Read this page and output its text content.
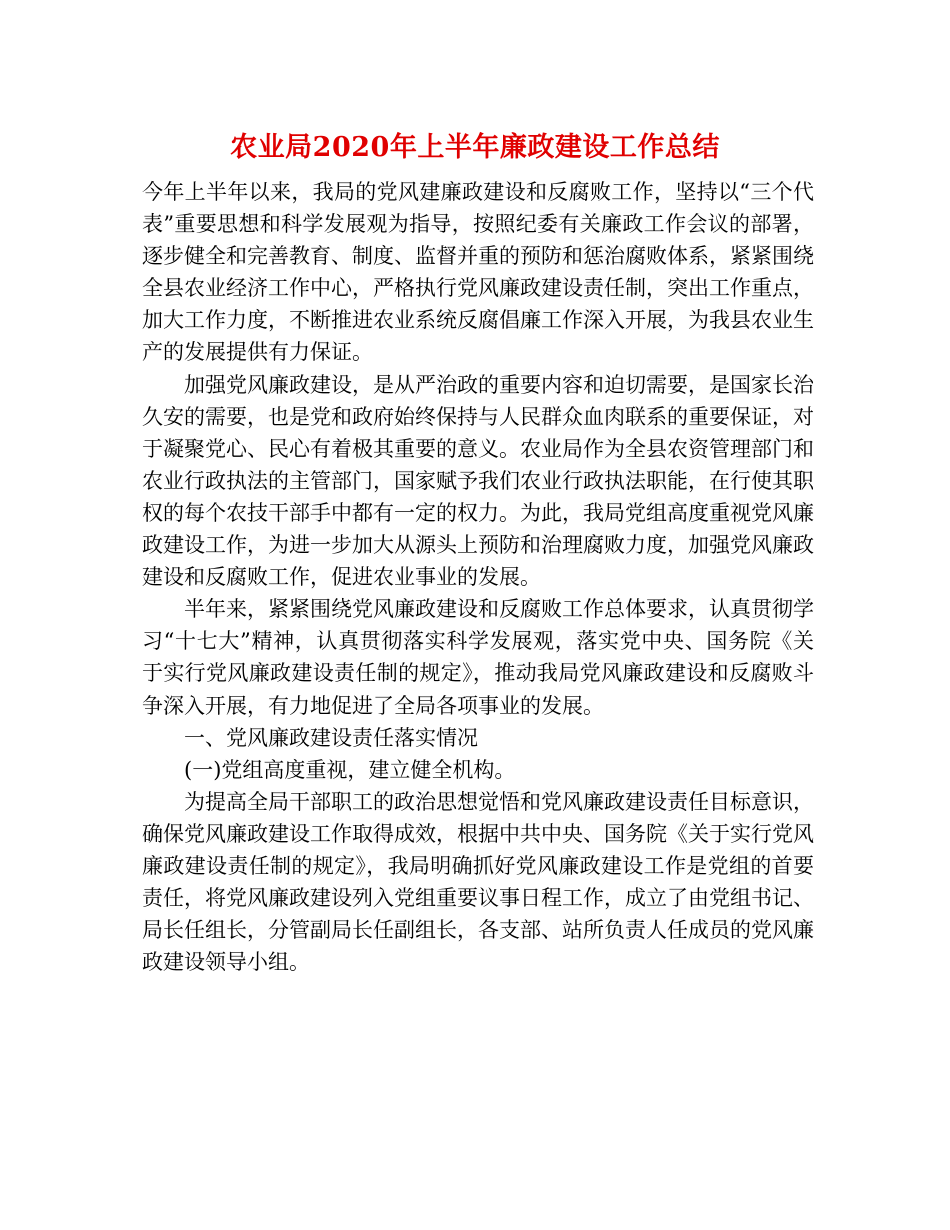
农业局2020年上半年廉政建设工作总结

今年上半年以来，我局的党风建廉政建设和反腐败工作，坚持以“三个代表”重要思想和科学发展观为指导，按照纪委有关廉政工作会议的部署，逐步健全和完善教育、制度、监督并重的预防和惩治腐败体系，紧紧围绕全县农业经济工作中心，严格执行党风廉政建设责任制，突出工作重点，加大工作力度，不断推进农业系统反腐倡廉工作深入开展，为我县农业生产的发展提供有力保证。

加强党风廉政建设，是从严治政的重要内容和迫切需要，是国家长治久安的需要，也是党和政府始终保持与人民群众血肉联系的重要保证，对于凝聚党心、民心有着极其重要的意义。农业局作为全县农资管理部门和农业行政执法的主管部门，国家赋予我们农业行政执法职能，在行使其职权的每个农技干部手中都有一定的权力。为此，我局党组高度重视党风廉政建设工作，为进一步加大从源头上预防和治理腐败力度，加强党风廉政建设和反腐败工作，促进农业事业的发展。

半年来，紧紧围绕党风廉政建设和反腐败工作总体要求，认真贯彻学习“十七大”精神，认真贯彻落实科学发展观，落实党中央、国务院《关于实行党风廉政建设责任制的规定》，推动我局党风廉政建设和反腐败斗争深入开展，有力地促进了全局各项事业的发展。

一、党风廉政建设责任落实情况

(一)党组高度重视，建立健全机构。

为提高全局干部职工的政治思想觉悟和党风廉政建设责任目标意识，确保党风廉政建设工作取得成效，根据中共中央、国务院《关于实行党风廉政建设责任制的规定》，我局明确抓好党风廉政建设工作是党组的首要责任，将党风廉政建设列入党组重要议事日程工作，成立了由党组书记、局长任组长，分管副局长任副组长，各支部、站所负责人任成员的党风廉政建设领导小组。
